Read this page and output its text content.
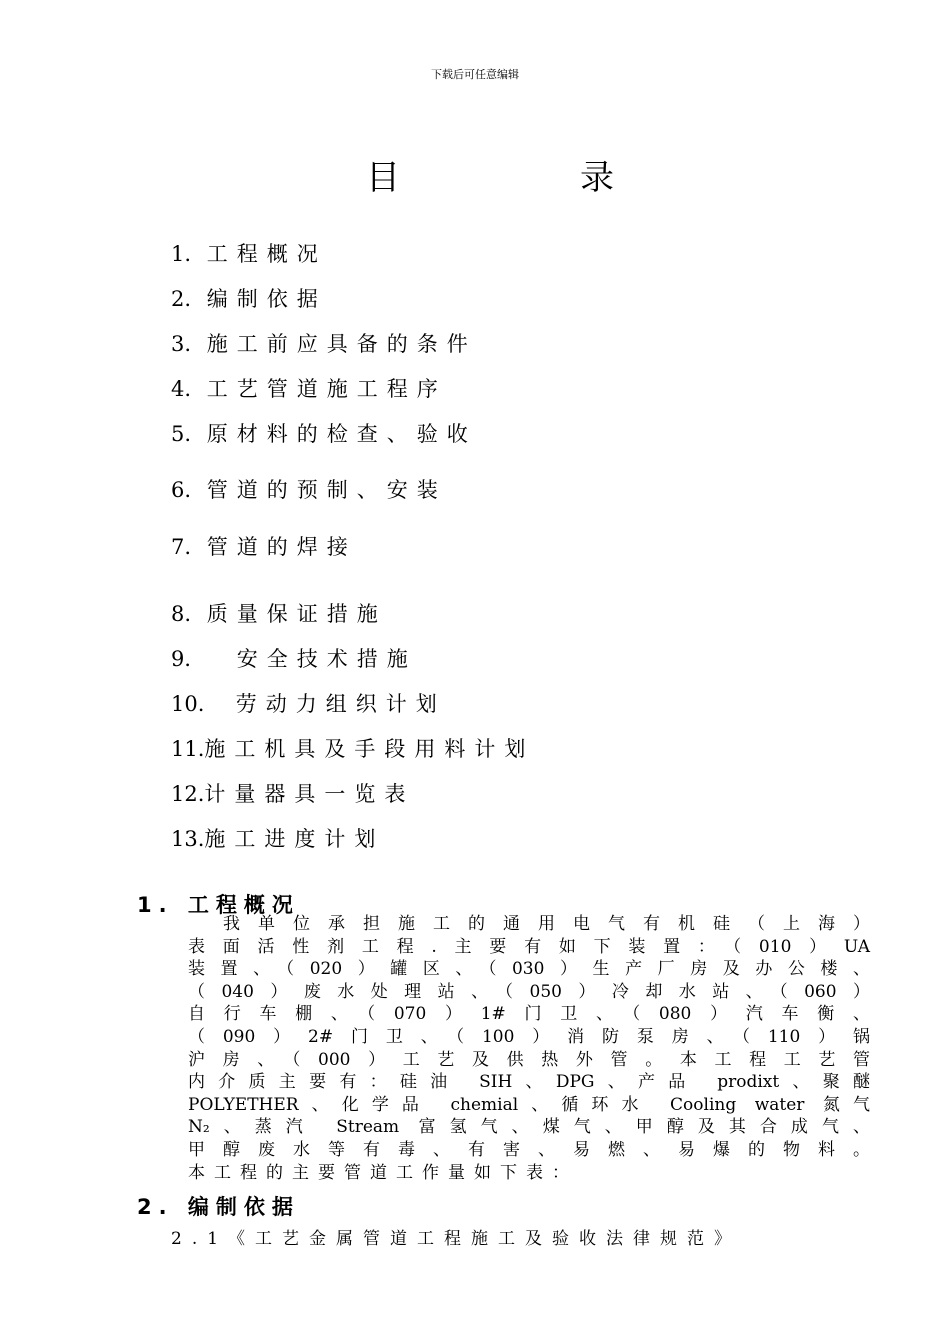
下载后可任意编辑
目	录
1. 工程概况
2. 编制依据
3. 施工前应具备的条件
4. 工艺管道施工程序
5. 原材料的检查、验收
6. 管道的预制、安装
7. 管道的焊接
8. 质量保证措施
9． 安全技术措施
10. 劳动力组织计划
11.施工机具及手段用料计划
12.计量器具一览表
13.施工进度计划
1. 工程概况
我单位承担施工的通用电气有机硅（上海）
表面活性剂工程.主要有如下装置：（010）UA
装置、（020）罐区、（030）生产厂房及办公楼、
（040）废水处理站、（050）冷却水站、（060）
自行车棚、（070）1#门卫、（080）汽车衡、
（090）2#门卫、（100）消防泵房、（110）锅
沪房、（000）工艺及供热外管。本工程工艺管
内介质主要有：硅油 SIH、DPG、产品 prodixt、聚醚
POLYETHER、化学品 chemial、循环水 Cooling water 氮气
N₂、蒸汽 Stream 富氢气、煤气、甲醇及其合成气、
甲醇废水等有毒、有害、易燃、易爆的物料。
本工程的主要管道工作量如下表：
2. 编制依据
2.1《工艺金属管道工程施工及验收法律规范》
